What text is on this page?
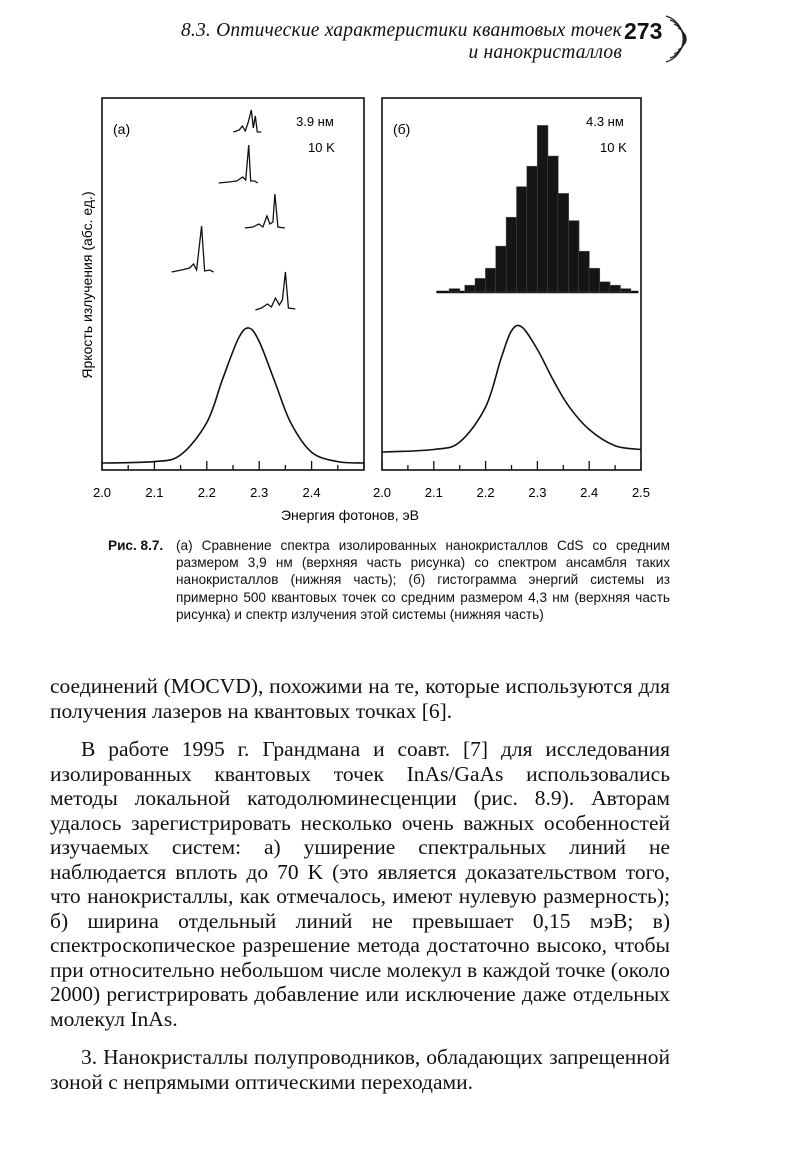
8.3. Оптические характеристики квантовых точек
и нанокристаллов
273
Яркость излучения (абс. ед.)
(а)	3.9 нм
10 K
(б)	4.3 нм
10 K
2.0	2.1	2.2	2.3	2.4	2.0	2.1	2.2	2.3	2.4	2.5
Энергия фотонов, эВ
Рис. 8.7. (а) Сравнение спектра изолированных нанокристаллов CdS со средним размером 3,9 нм (верхняя часть рисунка) со спектром ансамбля таких нанокристаллов (нижняя часть); (б) гистограмма энергий системы из примерно 500 квантовых точек со средним размером 4,3 нм (верхняя часть рисунка) и спектр излучения этой системы (нижняя часть)

соединений (MOCVD), похожими на те, которые используются для получения лазеров на квантовых точках [6].

В работе 1995 г. Грандмана и соавт. [7] для исследования изолированных квантовых точек InAs/GaAs использовались методы локальной катодолюминесценции (рис. 8.9). Авторам удалось зарегистрировать несколько очень важных особенностей изучаемых систем: а) уширение спектральных линий не наблюдается вплоть до 70 K (это является доказательством того, что нанокристаллы, как отмечалось, имеют нулевую размерность); б) ширина отдельный линий не превышает 0,15 мэВ; в) спектроскопическое разрешение метода достаточно высоко, чтобы при относительно небольшом числе молекул в каждой точке (около 2000) регистрировать добавление или исключение даже отдельных молекул InAs.

3. Нанокристаллы полупроводников, обладающих запрещенной зоной с непрямыми оптическими переходами.
